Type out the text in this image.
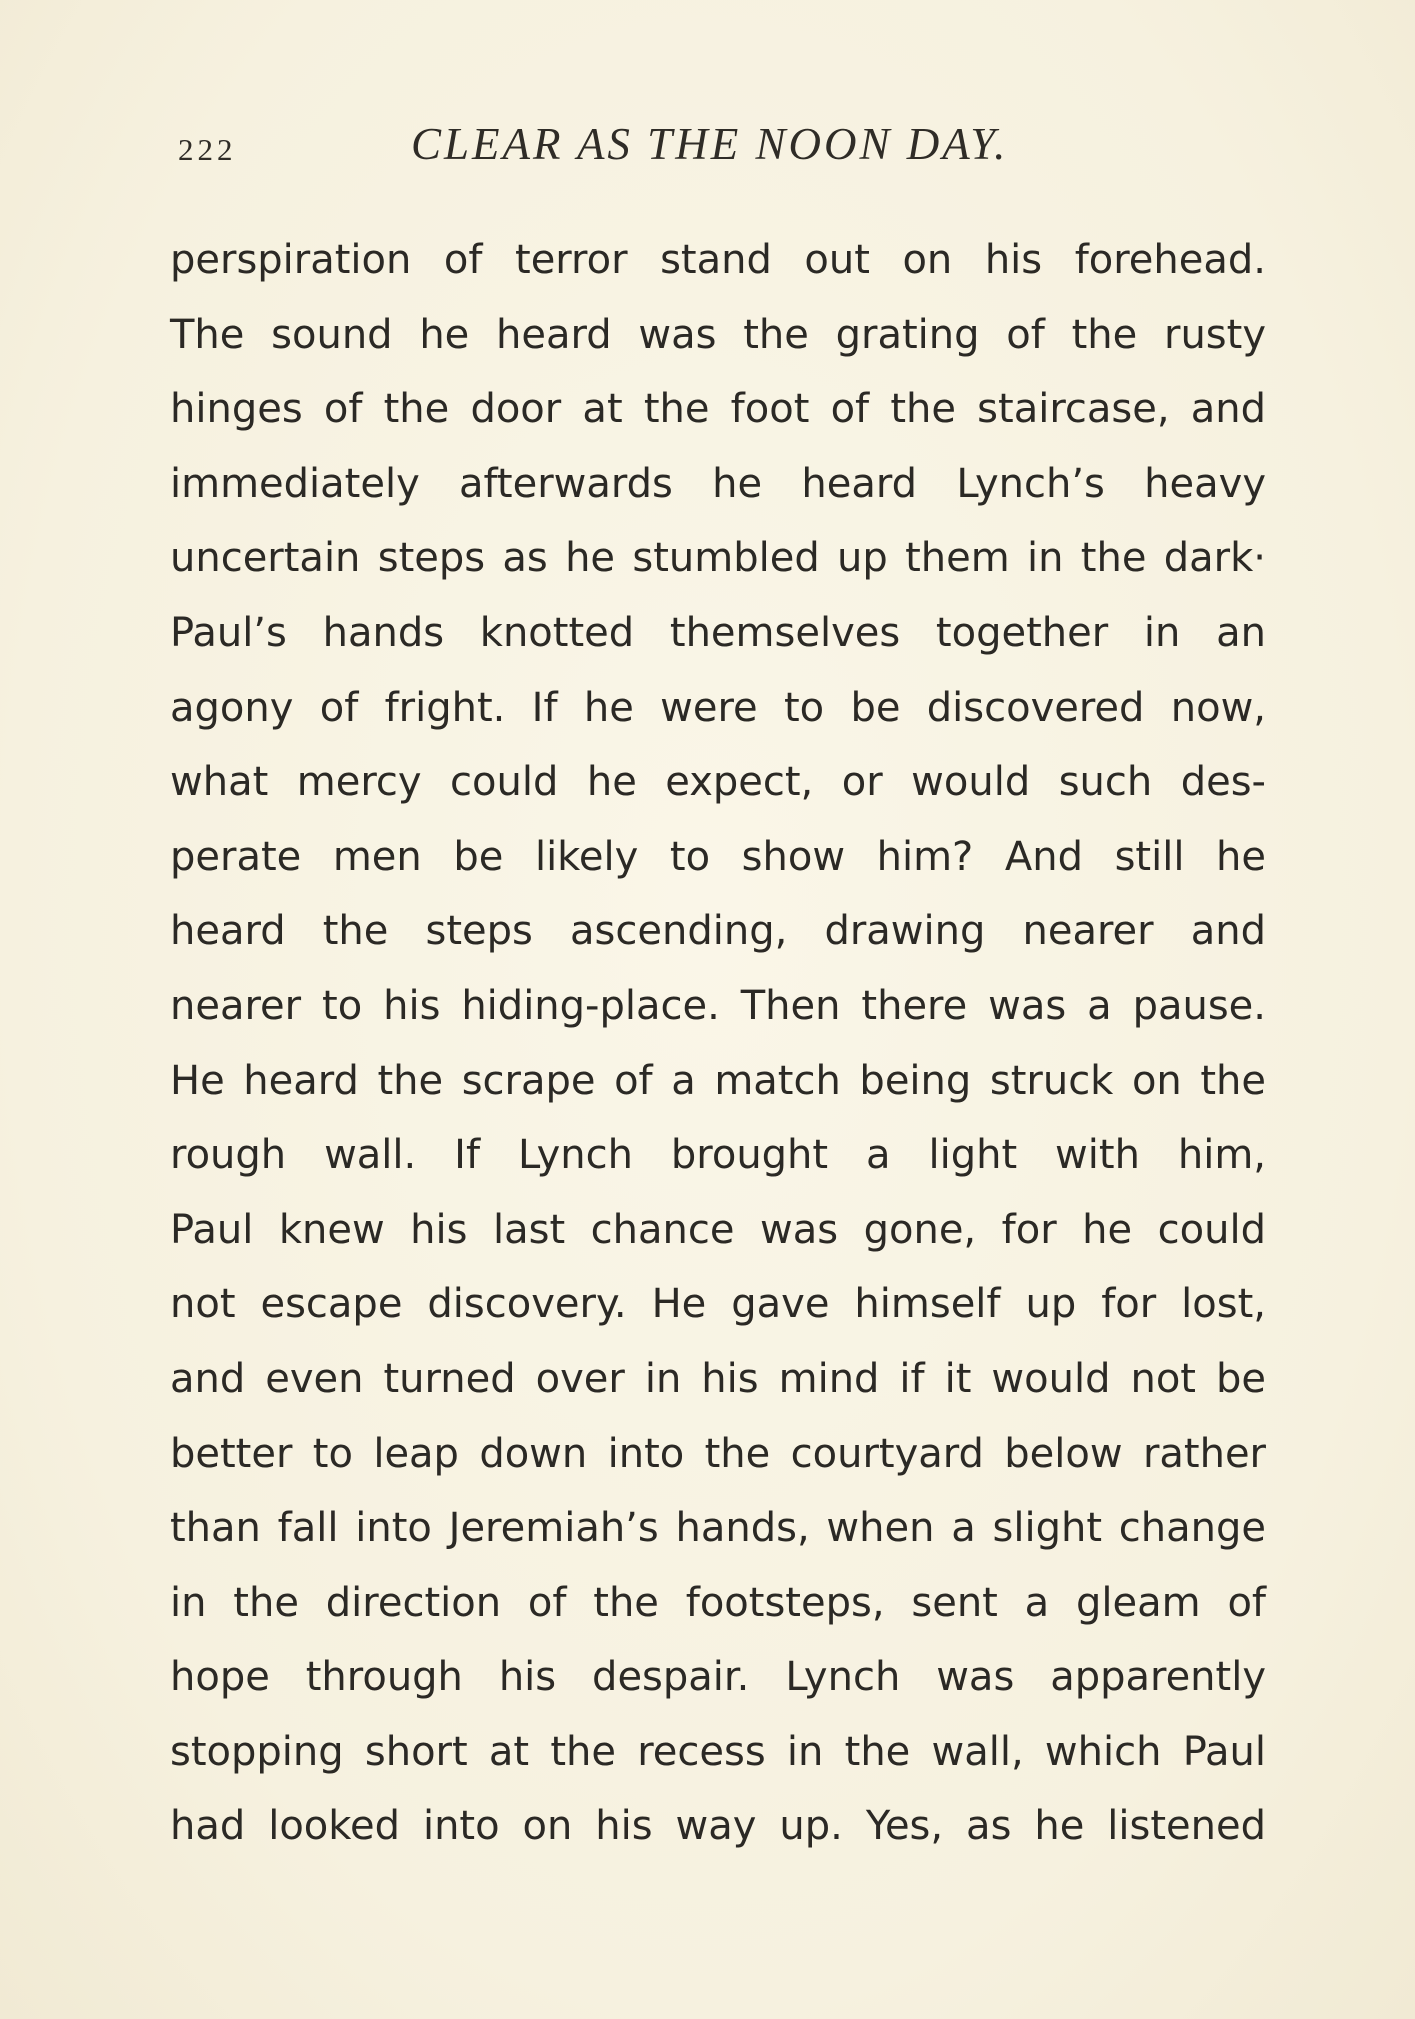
222	CLEAR AS THE NOON DAY.
perspiration of terror stand out on his forehead.
The sound he heard was the grating of the rusty
hinges of the door at the foot of the staircase, and
immediately afterwards he heard Lynch’s heavy
uncertain steps as he stumbled up them in the dark·
Paul’s hands knotted themselves together in an
agony of fright. If he were to be discovered now,
what mercy could he expect, or would such des-
perate men be likely to show him? And still he
heard the steps ascending, drawing nearer and
nearer to his hiding-place. Then there was a pause.
He heard the scrape of a match being struck on the
rough wall. If Lynch brought a light with him,
Paul knew his last chance was gone, for he could
not escape discovery. He gave himself up for lost,
and even turned over in his mind if it would not be
better to leap down into the courtyard below rather
than fall into Jeremiah’s hands, when a slight change
in the direction of the footsteps, sent a gleam of
hope through his despair. Lynch was apparently
stopping short at the recess in the wall, which Paul
had looked into on his way up. Yes, as he listened
